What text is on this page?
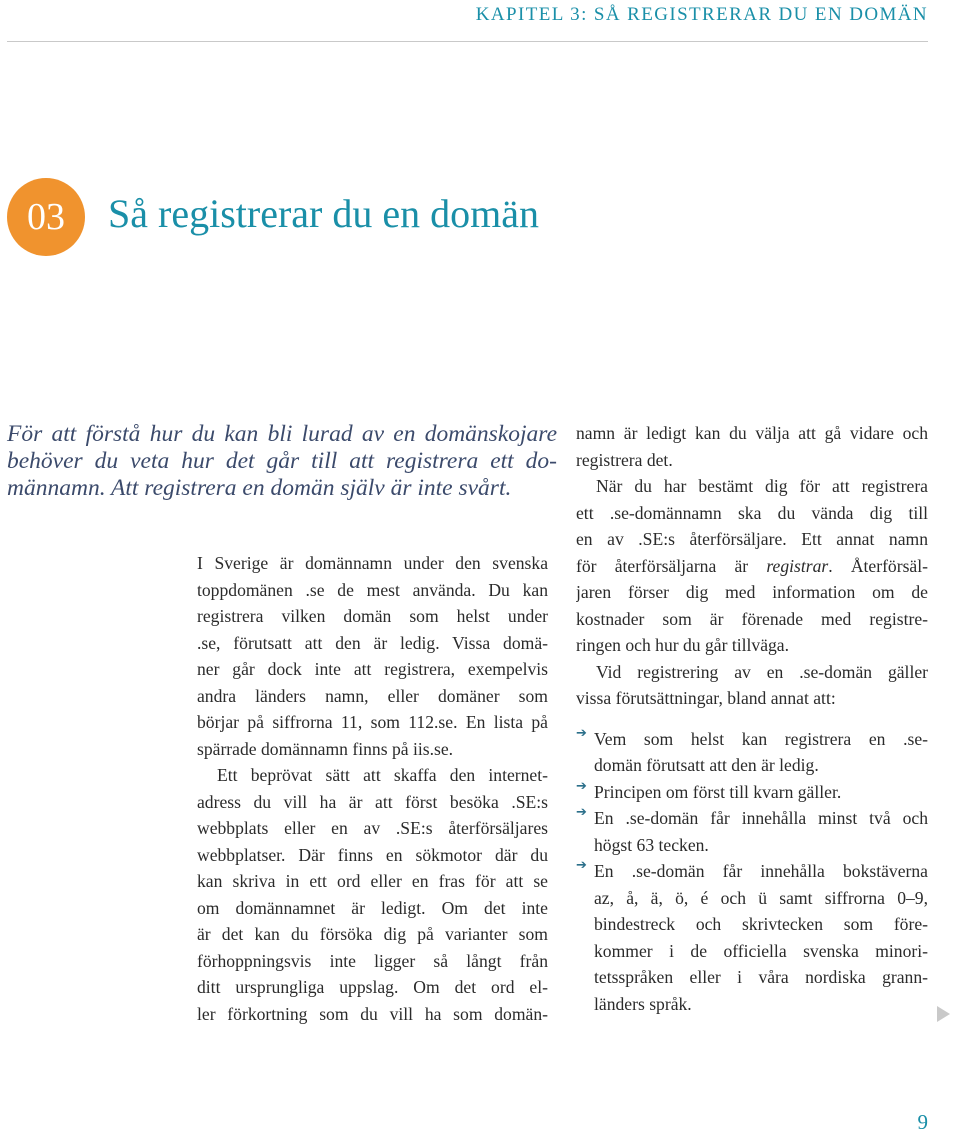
KAPITEL 3: SÅ REGISTRERAR DU EN DOMÄN
03	Så registrerar du en domän

För att förstå hur du kan bli lurad av en domänskojare
behöver du veta hur det går till att registrera ett do-
männamn. Att registrera en domän själv är inte svårt.

I Sverige är domännamn under den svenska
toppdomänen .se de mest använda. Du kan
registrera vilken domän som helst under
.se, förutsatt att den är ledig. Vissa domä-
ner går dock inte att registrera, exempelvis
andra länders namn, eller domäner som
börjar på siffrorna 11, som 112.se. En lista på
spärrade domännamn finns på iis.se.
Ett beprövat sätt att skaffa den internet-
adress du vill ha är att först besöka .SE:s
webbplats eller en av .SE:s återförsäljares
webbplatser. Där finns en sökmotor där du
kan skriva in ett ord eller en fras för att se
om domännamnet är ledigt. Om det inte
är det kan du försöka dig på varianter som
förhoppningsvis inte ligger så långt från
ditt ursprungliga uppslag. Om det ord el-
ler förkortning som du vill ha som domän-
namn är ledigt kan du välja att gå vidare och
registrera det.
När du har bestämt dig för att registrera
ett .se-domännamn ska du vända dig till
en av .SE:s återförsäljare. Ett annat namn
för återförsäljarna är registrar. Återförsäl-
jaren förser dig med information om de
kostnader som är förenade med registre-
ringen och hur du går tillväga.
Vid registrering av en .se-domän gäller
vissa förutsättningar, bland annat att:
➔ Vem som helst kan registrera en .se-
domän förutsatt att den är ledig.
➔ Principen om först till kvarn gäller.
➔ En .se-domän får innehålla minst två och
högst 63 tecken.
➔ En .se-domän får innehålla bokstäverna
az, å, ä, ö, é och ü samt siffrorna 0–9,
bindestreck och skrivtecken som före-
kommer i de officiella svenska minori-
tetsspråken eller i våra nordiska grann-
länders språk.
9
